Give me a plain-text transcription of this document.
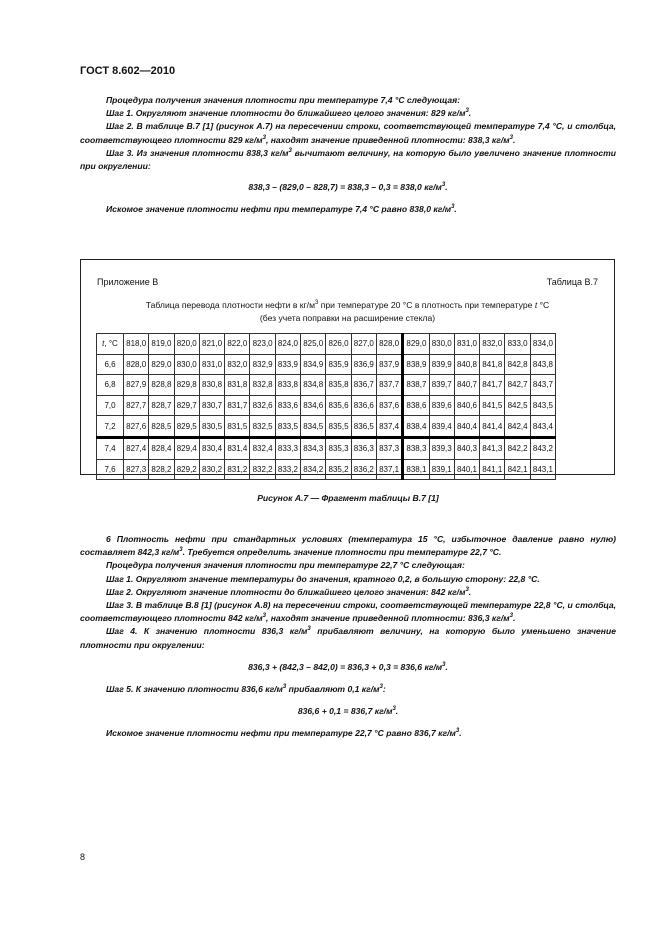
ГОСТ 8.602—2010

Процедура получения значения плотности при температуре 7,4 °C следующая:

Шаг 1. Округляют значение плотности до ближайшего целого значения: 829 $кг/м^3$.

Шаг 2. В таблице В.7 [1] (рисунок А.7) на пересечении строки, соответствующей температуре 7,4 °C, и столбца, соответствующего плотности 829 $кг/м^3$, находят значение приведенной плотности: 838,3 $кг/м^3$.

Шаг 3. Из значения плотности 838,3 $кг/м^3$ вычитают величину, на которую было увеличено значение плотности при округлении:

838,3 – (829,0 – 828,7) = 838,3 – 0,3 = 838,0 $кг/м^3$.

Искомое значение плотности нефти при температуре 7,4 °C равно 838,0 $кг/м^3$.

Приложение В	Таблица В.7
Таблица перевода плотности нефти в $кг/м^3$ при температуре 20 °C в плотность при температуре t °C
(без учета поправки на расширение стекла)
t, °C	818,0	819,0	820,0	821,0	822,0	823,0	824,0	825,0	826,0	827,0	828,0	829,0	830,0	831,0	832,0	833,0	834,0
6,6	828,0	829,0	830,0	831,0	832,0	832,9	833,9	834,9	835,9	836,9	837,9	838,9	839,9	840,8	841,8	842,8	843,8
6,8	827,9	828,8	829,8	830,8	831,8	832,8	833,8	834,8	835,8	836,7	837,7	838,7	839,7	840,7	841,7	842,7	843,7
7,0	827,7	828,7	829,7	830,7	831,7	832,6	833,6	834,6	835,6	836,6	837,6	838,6	839,6	840,6	841,5	842,5	843,5
7,2	827,6	828,5	829,5	830,5	831,5	832,5	833,5	834,5	835,5	836,5	837,4	838,4	839,4	840,4	841,4	842,4	843,4
7,4	827,4	828,4	829,4	830,4	831,4	832,4	833,3	834,3	835,3	836,3	837,3	838,3	839,3	840,3	841,3	842,2	843,2
7,6	827,3	828,2	829,2	830,2	831,2	832,2	833,2	834,2	835,2	836,2	837,1	838,1	839,1	840,1	841,1	842,1	843,1
Рисунок А.7 — Фрагмент таблицы В.7 [1]

6 Плотность нефти при стандартных условиях (температура 15 °C, избыточное давление равно нулю) составляет 842,3 $кг/м^3$. Требуется определить значение плотности при температуре 22,7 °C.

Процедура получения значения плотности при температуре 22,7 °C следующая:

Шаг 1. Округляют значение температуры до значения, кратного 0,2, в большую сторону: 22,8 °C.

Шаг 2. Округляют значение плотности до ближайшего целого значения: 842 $кг/м^3$.

Шаг 3. В таблице В.8 [1] (рисунок А.8) на пересечении строки, соответствующей температуре 22,8 °C, и столбца, соответствующего плотности 842 $кг/м^3$, находят значение приведенной плотности: 836,3 $кг/м^3$.

Шаг 4. К значению плотности 836,3 $кг/м^3$ прибавляют величину, на которую было уменьшено значение плотности при округлении:

836,3 + (842,3 – 842,0) = 836,3 + 0,3 = 836,6 $кг/м^3$.

Шаг 5. К значению плотности 836,6 $кг/м^3$ прибавляют 0,1 $кг/м^3$:

836,6 + 0,1 = 836,7 $кг/м^3$.

Искомое значение плотности нефти при температуре 22,7 °C равно 836,7 $кг/м^3$.

8
